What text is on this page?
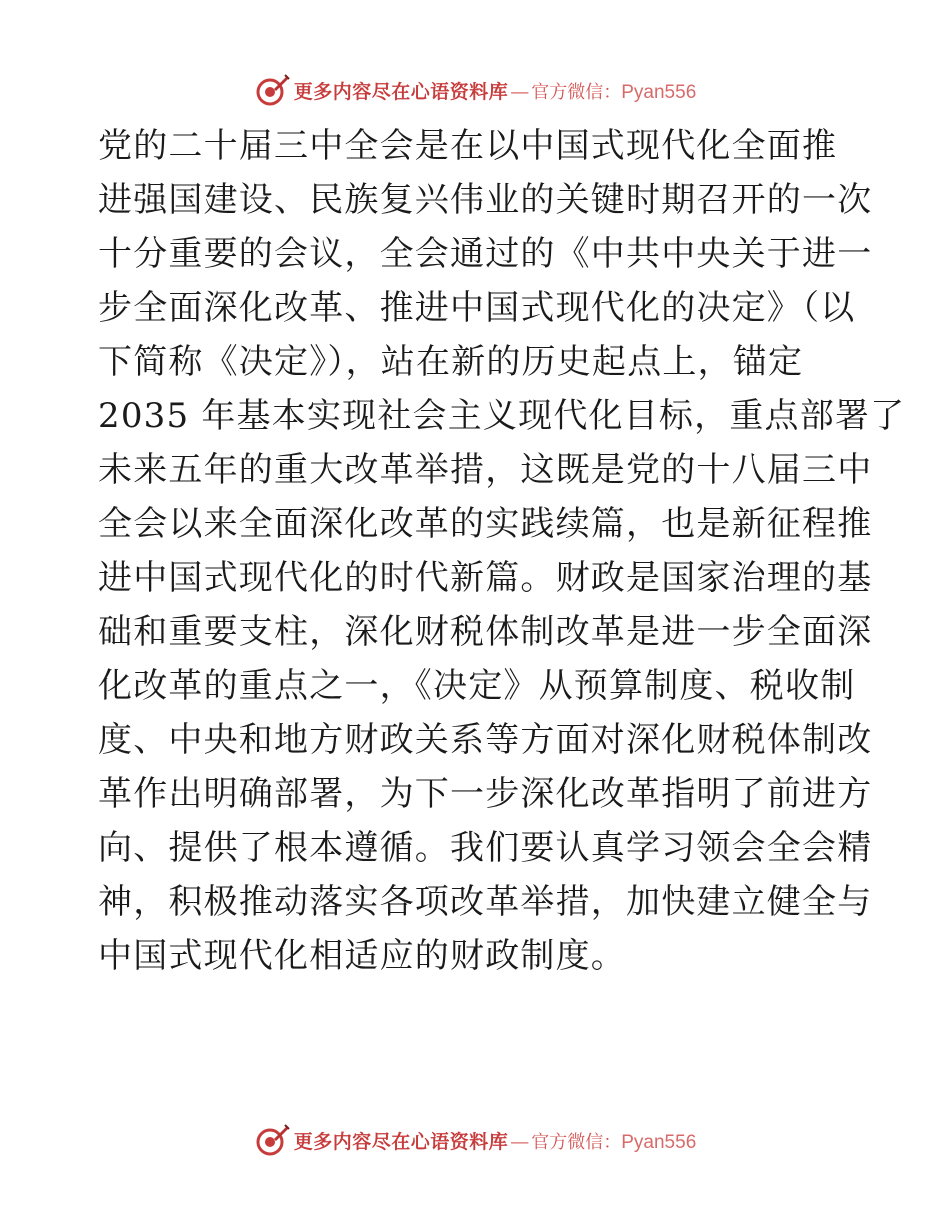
更多内容尽在心语资料库 — 官方微信： Pyan556

党的二十届三中全会是在以中国式现代化全面推

进强国建设、民族复兴伟业的关键时期召开的一次

十分重要的会议，全会通过的《中共中央关于进一

步全面深化改革、推进中国式现代化的决定》（以

下简称《决定》），站在新的历史起点上，锚定

2035 年基本实现社会主义现代化目标，重点部署了

未来五年的重大改革举措，这既是党的十八届三中

全会以来全面深化改革的实践续篇，也是新征程推

进中国式现代化的时代新篇。财政是国家治理的基

础和重要支柱，深化财税体制改革是进一步全面深

化改革的重点之一，《决定》从预算制度、税收制

度、中央和地方财政关系等方面对深化财税体制改

革作出明确部署，为下一步深化改革指明了前进方

向、提供了根本遵循。我们要认真学习领会全会精

神，积极推动落实各项改革举措，加快建立健全与

中国式现代化相适应的财政制度。

更多内容尽在心语资料库 — 官方微信： Pyan556
